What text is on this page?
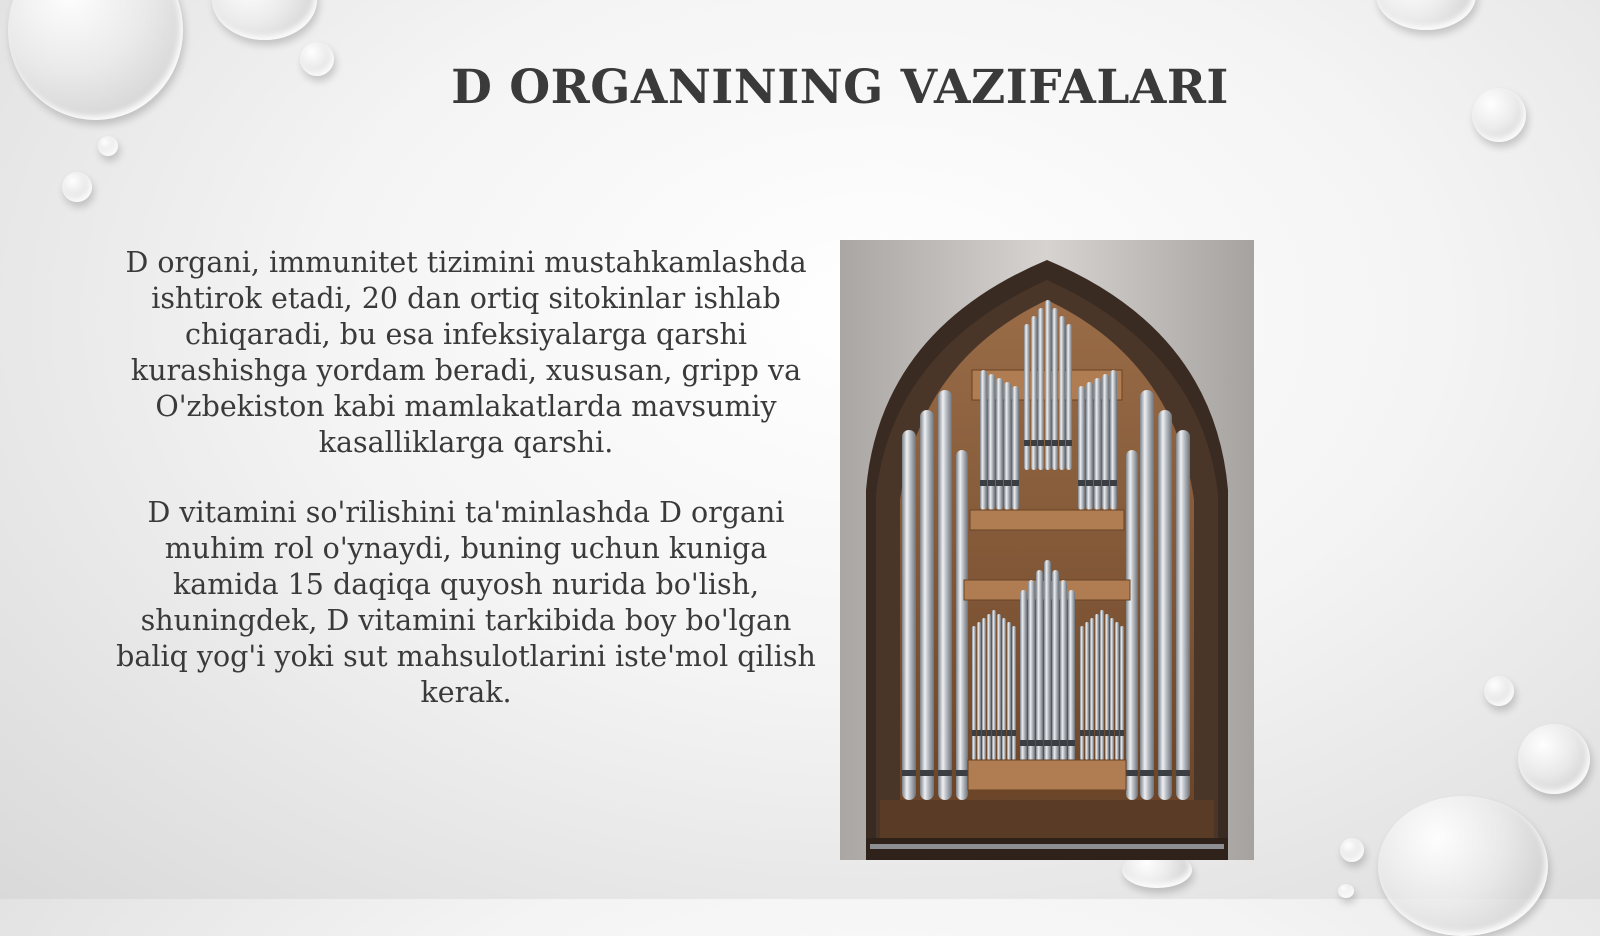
D ORGANINING VAZIFALARI

D organi, immunitet tizimini mustahkamlashda ishtirok etadi, 20 dan ortiq sitokinlar ishlab chiqaradi, bu esa infeksiyalarga qarshi kurashishga yordam beradi, xususan, gripp va O'zbekiston kabi mamlakatlarda mavsumiy kasalliklarga qarshi.

D vitamini so'rilishini ta'minlashda D organi muhim rol o'ynaydi, buning uchun kuniga kamida 15 daqiqa quyosh nurida bo'lish, shuningdek, D vitamini tarkibida boy bo'lgan baliq yog'i yoki sut mahsulotlarini iste'mol qilish kerak.
